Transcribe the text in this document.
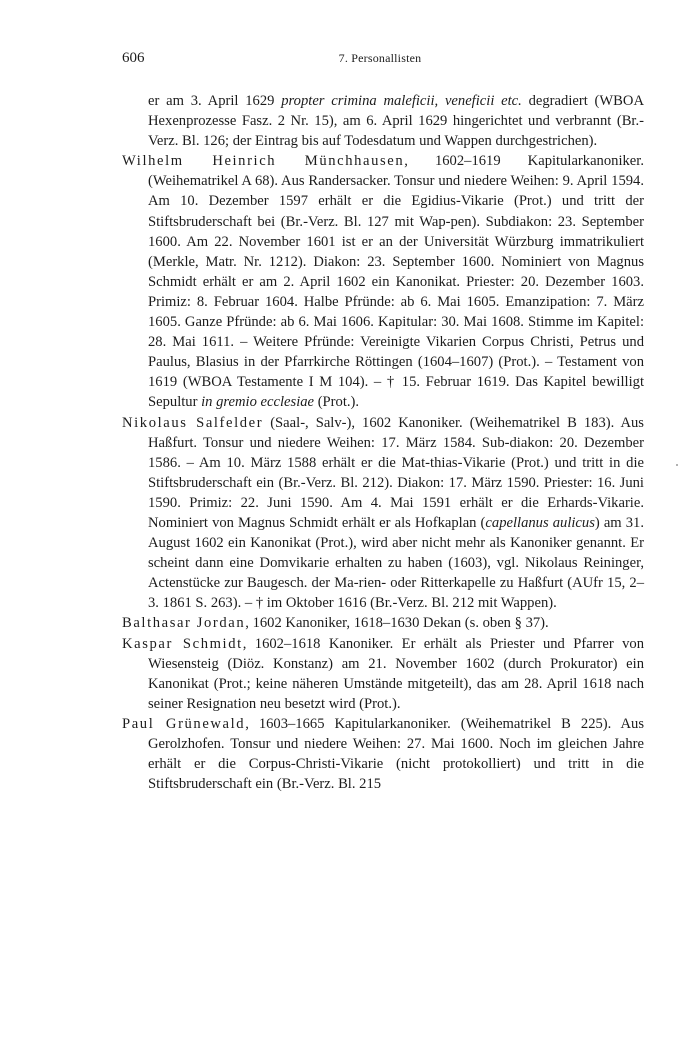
606	7. Personallisten

er am 3. April 1629 propter crimina maleficii, veneficii etc. degradiert (WBOA Hexenprozesse Fasz. 2 Nr. 15), am 6. April 1629 hingerichtet und verbrannt (Br.-Verz. Bl. 126; der Eintrag bis auf Todesdatum und Wappen durchgestrichen).

Wilhelm Heinrich Münchhausen, 1602–1619 Kapitularkanoniker. (Weihematrikel A 68). Aus Randersacker. Tonsur und niedere Weihen: 9. April 1594. Am 10. Dezember 1597 erhält er die Egidius-Vikarie (Prot.) und tritt der Stiftsbruderschaft bei (Br.-Verz. Bl. 127 mit Wap-pen). Subdiakon: 23. September 1600. Am 22. November 1601 ist er an der Universität Würzburg immatrikuliert (Merkle, Matr. Nr. 1212). Diakon: 23. September 1600. Nominiert von Magnus Schmidt erhält er am 2. April 1602 ein Kanonikat. Priester: 20. Dezember 1603. Primiz: 8. Februar 1604. Halbe Pfründe: ab 6. Mai 1605. Emanzipation: 7. März 1605. Ganze Pfründe: ab 6. Mai 1606. Kapitular: 30. Mai 1608. Stimme im Kapitel: 28. Mai 1611. – Weitere Pfründe: Vereinigte Vikarien Corpus Christi, Petrus und Paulus, Blasius in der Pfarrkirche Röttingen (1604–1607) (Prot.). – Testament von 1619 (WBOA Testamente I M 104). – † 15. Februar 1619. Das Kapitel bewilligt Sepultur in gremio ecclesiae (Prot.).

Nikolaus Salfelder (Saal-, Salv-), 1602 Kanoniker. (Weihematrikel B 183). Aus Haßfurt. Tonsur und niedere Weihen: 17. März 1584. Sub-diakon: 20. Dezember 1586. – Am 10. März 1588 erhält er die Mat-thias-Vikarie (Prot.) und tritt in die Stiftsbruderschaft ein (Br.-Verz. Bl. 212). Diakon: 17. März 1590. Priester: 16. Juni 1590. Primiz: 22. Juni 1590. Am 4. Mai 1591 erhält er die Erhards-Vikarie. Nominiert von Magnus Schmidt erhält er als Hofkaplan (capellanus aulicus) am 31. August 1602 ein Kanonikat (Prot.), wird aber nicht mehr als Kanoniker genannt. Er scheint dann eine Domvikarie erhalten zu haben (1603), vgl. Nikolaus Reininger, Actenstücke zur Baugesch. der Ma-rien- oder Ritterkapelle zu Haßfurt (AUfr 15, 2–3. 1861 S. 263). – † im Oktober 1616 (Br.-Verz. Bl. 212 mit Wappen).

Balthasar Jordan, 1602 Kanoniker, 1618–1630 Dekan (s. oben § 37).

Kaspar Schmidt, 1602–1618 Kanoniker. Er erhält als Priester und Pfarrer von Wiesensteig (Diöz. Konstanz) am 21. November 1602 (durch Prokurator) ein Kanonikat (Prot.; keine näheren Umstände mitgeteilt), das am 28. April 1618 nach seiner Resignation neu besetzt wird (Prot.).

Paul Grünewald, 1603–1665 Kapitularkanoniker. (Weihematrikel B 225). Aus Gerolzhofen. Tonsur und niedere Weihen: 27. Mai 1600. Noch im gleichen Jahre erhält er die Corpus-Christi-Vikarie (nicht protokolliert) und tritt in die Stiftsbruderschaft ein (Br.-Verz. Bl. 215
